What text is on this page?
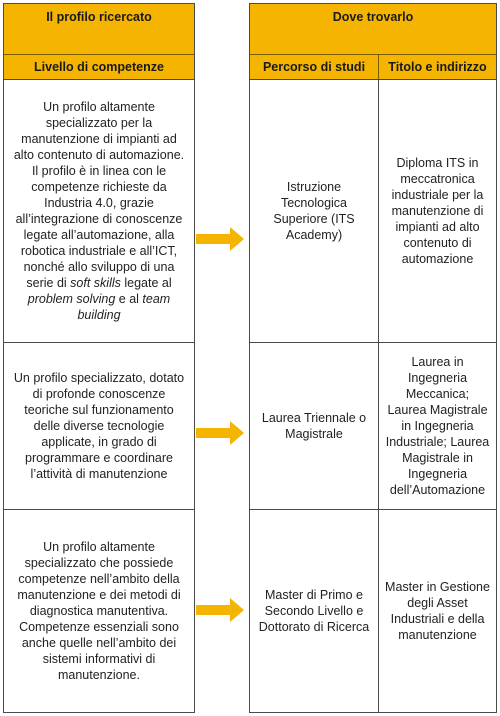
Il profilo ricercato
Livello di competenze
Un profilo altamente specializzato per la manutenzione di impianti ad alto contenuto di automazione. Il profilo è in linea con le competenze richieste da Industria 4.0, grazie all’integrazione di conoscenze legate all’automazione, alla robotica industriale e all’ICT, nonché allo sviluppo di una serie di soft skills legate al problem solving e al team building
Un profilo specializzato, dotato di profonde conoscenze teoriche sul funzionamento delle diverse tecnologie applicate, in grado di programmare e coordinare l’attività di manutenzione
Un profilo altamente specializzato che possiede competenze nell’ambito della manutenzione e dei metodi di diagnostica manutentiva. Competenze essenziali sono anche quelle nell’ambito dei sistemi informativi di manutenzione.
Dove trovarlo
Percorso di studi	Titolo e indirizzo
Istruzione Tecnologica Superiore (ITS Academy)
Diploma ITS in meccatronica industriale per la manutenzione di impianti ad alto contenuto di automazione
Laurea Triennale o Magistrale
Laurea in Ingegneria Meccanica; Laurea Magistrale in Ingegneria Industriale; Laurea Magistrale in Ingegneria dell’Automazione
Master di Primo e Secondo Livello e Dottorato di Ricerca
Master in Gestione degli Asset Industriali e della manutenzione
